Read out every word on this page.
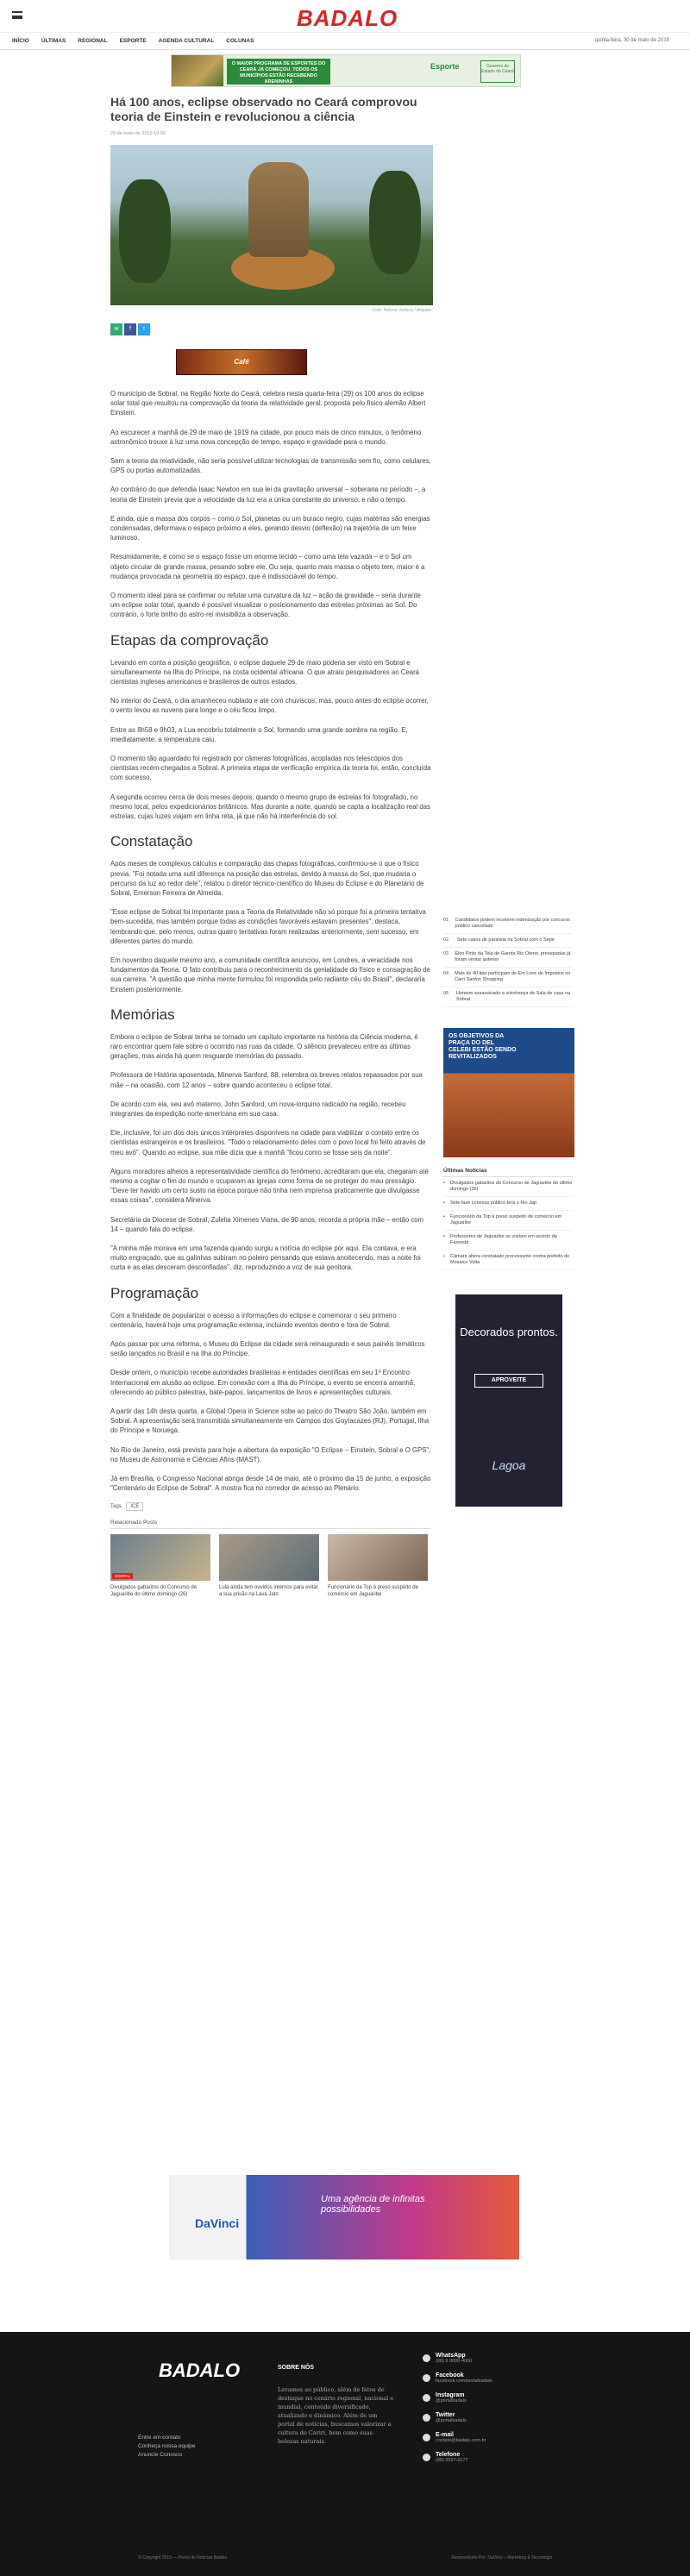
BADALO
INÍCIO ÚLTIMAS REGIONAL ESPORTE AGENDA CULTURAL COLUNAS	quinta-feira, 30 de maio de 2019
O MAIOR PROGRAMA DE ESPORTES DO CEARÁ JÁ COMEÇOU. TODOS OS MUNICÍPIOS ESTÃO RECEBENDO ARENINHAS
Esporte	Governo do Estado do Ceará
Há 100 anos, eclipse observado no Ceará comprovou teoria de Einstein e revolucionou a ciência
29 de maio de 2019 19:06
Foto: Helena Ventura / Arquivo
w	f	t
Café

O município de Sobral, na Região Norte do Ceará, celebra nesta quarta-feira (29) os 100 anos do eclipse solar total que resultou na comprovação da teoria da relatividade geral, proposta pelo físico alemão Albert Einstein.

Ao escurecer a manhã de 29 de maio de 1919 na cidade, por pouco mais de cinco minutos, o fenômeno astronômico trouxe à luz uma nova concepção de tempo, espaço e gravidade para o mundo.

Sem a teoria da relatividade, não seria possível utilizar tecnologias de transmissão sem fio, como celulares, GPS ou portas automatizadas.

Ao contrário do que defendia Isaac Newton em sua lei da gravitação universal – soberana no período –, a teoria de Einstein previa que a velocidade da luz era a única constante do universo, e não o tempo.

E ainda, que a massa dos corpos – como o Sol, planetas ou um buraco negro, cujas matérias são energias condensadas, deformava o espaço próximo a eles, gerando desvio (deflexão) na trajetória de um feixe luminoso.

Resumidamente, é como se o espaço fosse um enorme tecido – como uma tela vazada – e o Sol um objeto circular de grande massa, pesando sobre ele. Ou seja, quanto mais massa o objeto tem, maior é a mudança provocada na geometria do espaço, que é indissociável do tempo.

O momento ideal para se confirmar ou refutar uma curvatura da luz – ação da gravidade – seria durante um eclipse solar total, quando é possível visualizar o posicionamento das estrelas próximas ao Sol. Do contrário, o forte brilho do astro-rei invisibiliza a observação.

Etapas da comprovação

Levando em conta a posição geográfica, o eclipse daquele 29 de maio poderia ser visto em Sobral e simultaneamente na Ilha do Príncipe, na costa ocidental africana. O que atraiu pesquisadores ao Ceará cientistas ingleses americanos e brasileiros de outros estados.

No interior do Ceará, o dia amanheceu nublado e até com chuviscos, mas, pouco antes do eclipse ocorrer, o vento levou as nuvens para longe e o céu ficou limpo.

Entre as 8h58 e 9h03, a Lua encobriu totalmente o Sol, formando uma grande sombra na região. E, imediatamente, a temperatura caiu.

O momento tão aguardado foi registrado por câmeras fotográficas, acopladas nos telescópios dos cientistas recém-chegados a Sobral. A primeira etapa de verificação empírica da teoria foi, então, concluída com sucesso.

A segunda ocorreu cerca de dois meses depois, quando o mesmo grupo de estrelas foi fotografado, no mesmo local, pelos expedicionários britânicos. Mas durante a noite, quando se capta a localização real das estrelas, cujas luzes viajam em linha reta, já que não há interferência do sol.

Constatação

Após meses de complexos cálculos e comparação das chapas fotográficas, confirmou-se o que o físico previa. "Foi notada uma sutil diferença na posição das estrelas, devido à massa do Sol, que mudaria o percurso da luz ao redor dele", relatou o diretor técnico-científico do Museu do Eclipse e do Planetário de Sobral, Emerson Ferreira de Almeida.

"Esse eclipse de Sobral foi importante para a Teoria da Relatividade não só porque foi a primeira tentativa bem-sucedida, mas também porque todas as condições favoráveis estavam presentes", destaca, lembrando que, pelo menos, outras quatro tentativas foram realizadas anteriormente, sem sucesso, em diferentes partes do mundo.

Em novembro daquele mesmo ano, a comunidade científica anunciou, em Londres, a veracidade nos fundamentos da Teoria. O fato contribuiu para o reconhecimento da genialidade do físico e consagração de sua carreira. "A questão que minha mente formulou foi respondida pelo radiante céu do Brasil", declararia Einstein posteriormente.

Memórias

Embora o eclipse de Sobral tenha se tornado um capítulo importante na história da Ciência moderna, é raro encontrar quem fale sobre o ocorrido nas ruas da cidade. O silêncio prevaleceu entre as últimas gerações, mas ainda há quem resguarde memórias do passado.

Professora de História aposentada, Minerva Sanford, 88, relembra os breves relatos repassados por sua mãe – na ocasião, com 12 anos – sobre quando aconteceu o eclipse total.

De acordo com ela, seu avô materno, John Sanford, um nova-iorquino radicado na região, recebeu integrantes da expedição norte-americana em sua casa.

Ele, inclusive, foi um dos dois únicos intérpretes disponíveis na cidade para viabilizar o contato entre os cientistas estrangeiros e os brasileiros. "Todo o relacionamento deles com o povo local foi feito através de meu avô". Quando ao eclipse, sua mãe dizia que a manhã "ficou como se fosse seis da noite".

Alguns moradores alheios à representatividade científica do fenômeno, acreditaram que ela, chegaram até mesmo a cogitar o fim do mundo e ocuparam as igrejas como forma de se proteger do mau presságio. "Deve ter havido um certo susto na época porque não tinha nem imprensa praticamente que divulgasse essas coisas", considera Minerva.

Secretária da Diocese de Sobral, Zulelia Ximenes Viana, de 90 anos, recorda a própria mãe – então com 14 – quando fala do eclipse.

"A minha mãe morava em uma fazenda quando surgiu a notícia do eclipse por aqui. Ela contava, e era muito engraçado, que as galinhas subiram no poleiro pensando que estava anoitecendo, mas a noite foi curta e as elas desceram desconfiadas", diz, reproduzindo a voz de sua genitora.

Programação

Com a finalidade de popularizar o acesso a informações do eclipse e comemorar o seu primeiro centenário, haverá hoje uma programação extensa, incluindo eventos dentro e fora de Sobral.

Após passar por uma reforma, o Museu do Eclipse da cidade será reinaugurado e seus painéis temáticos serão lançados no Brasil e na Ilha do Príncipe.

Desde ontem, o município recebe autoridades brasileiras e entidades científicas em seu 1º Encontro Internacional em alusão ao eclipse. Em conexão com a Ilha do Príncipe, o evento se encerra amanhã, oferecendo ao público palestras, bate-papos, lançamentos de livros e apresentações culturais.

A partir das 14h desta quarta, a Global Opera in Science sobe ao palco do Theatro São João, também em Sobral. A apresentação será transmitida simultaneamente em Campos dos Goytacazes (RJ), Portugal, Ilha do Príncipe e Noruega.

No Rio de Janeiro, está prevista para hoje a abertura da exposição "O Eclipse – Einstein, Sobral e O GPS", no Museu de Astronomia e Ciências Afins (MAST).

Já em Brasília, o Congresso Nacional abriga desde 14 de maio, até o próximo dia 15 de junho, a exposição "Centenário do Eclipse de Sobral". A mostra fica no corredor de acesso ao Plenário.

Tags ICE
Relacionado Posts
SOBRAL
Divulgados gabaritos do Concurso de Jaguaribe do último domingo (26)
Lula ainda tem ouvidos internos para evitar a sua prisão na Lava Jato
Funcionário da Top à preso suspeito de comércio em Jaguaribe
01 Candidatos podem recebem indenização por concurso público cancelado
02	Sete casos de paralisia na Sobral com o Sepe
03 Elon Pinto da Tela de Garota Rio Oteno, presepadas já foram ventar anterior
04 Mais de 40 tipo participam de Em Livre de Impostos no Carri Sanfon Shopping
05	Homem assassinado a vizinhança de Sala de casa na Sobral
OS OBJETIVOS DA PRAÇA DO DEL CELEBI ESTÃO SENDO REVITALIZADOS
Últimas Notícias
• Divulgados gabaritos do Concurso de Jaguaribe do último domingo (26)
• Sete fazé conexas público terá o Rio Jap
• Funcionário da Top à preso suspeito de comércio em Jaguaribe
• Professores de Jaguaribe se visitam em acordo da Fazenda
• Câmara altera contratado processante contra prefeito de Mosaico Volta
Decorados prontos.
APROVEITE
Lagoa
DaVinci
Uma agência de infinitas possibilidades
BADALO
Entre em contato
Conheça nossa equipe
Anuncie Conosco
SOBRE NÓS
Levamos ao público, além de fatos de destaque no cenário regional, nacional e mundial, conteúdo diversificado, atualizado e dinâmico. Além de um portal de notícias, buscamos valorizar a cultura do Cariri, bem como suas belezas naturais.
WhatsApp
(88) 9 9000-4000
Facebook
facebook.com/portalbadalo
Instagram
@portalbadalo
Twitter
@portalbadalo
E-mail
contato@badalo.com.br
Telefone
(88) 3537-0177
© Copyright 2019 — Portal de Notícias Badalo	Desenvolvido Por: DaVinci – Marketing & Tecnologia
